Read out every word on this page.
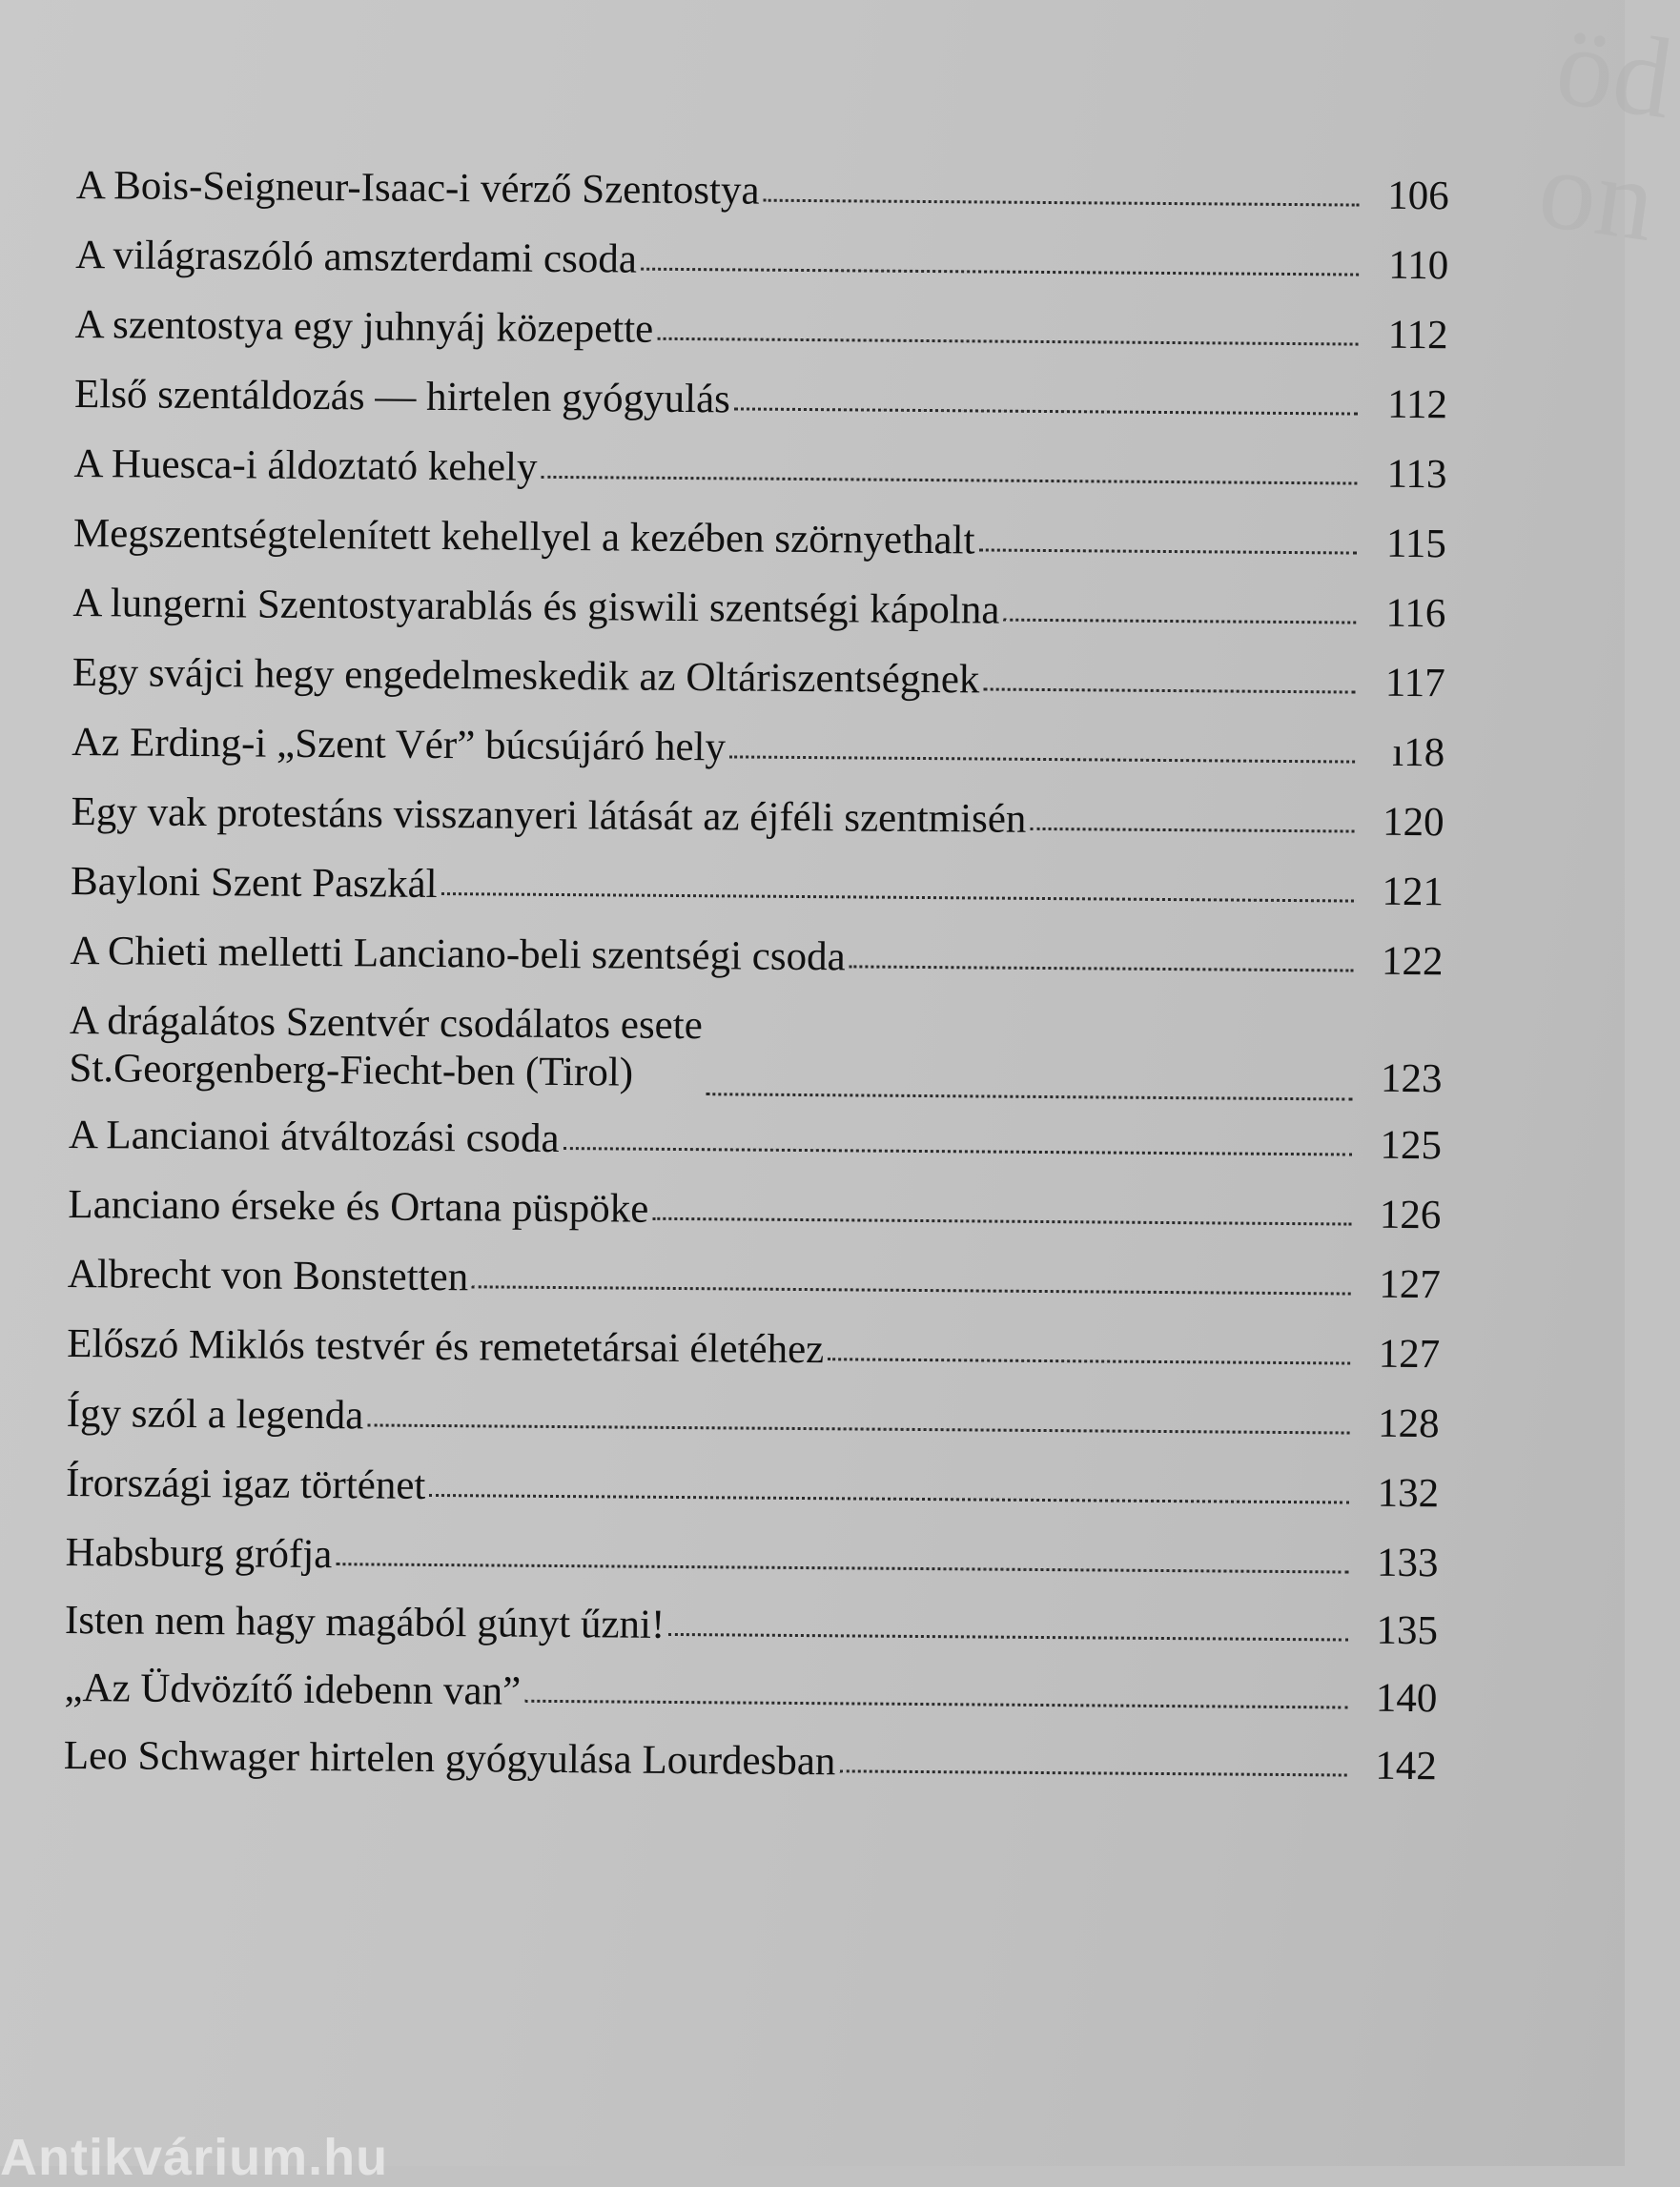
öd
on
A Bois-Seigneur-Isaac-i vérző Szentostya	106
A világraszóló amszterdami csoda	110
A szentostya egy juhnyáj közepette	112
Első szentáldozás — hirtelen gyógyulás	112
A Huesca-i áldoztató kehely	113
Megszentségtelenített kehellyel a kezében szörnyethalt	115
A lungerni Szentostyarablás és giswili szentségi kápolna	116
Egy svájci hegy engedelmeskedik az Oltáriszentségnek	117
Az Erding-i „Szent Vér” búcsújáró hely	ı18
Egy vak protestáns visszanyeri látását az éjféli szentmisén	120
Bayloni Szent Paszkál	121
A Chieti melletti Lanciano-beli szentségi csoda	122
A drágalátos Szentvér csodálatos esete
St.Georgenberg-Fiecht-ben (Tirol)	123
A Lancianoi átváltozási csoda	125
Lanciano érseke és Ortana püspöke	126
Albrecht von Bonstetten	127
Előszó Miklós testvér és remetetársai életéhez	127
Így szól a legenda	128
Írországi igaz történet	132
Habsburg grófja	133
Isten nem hagy magából gúnyt űzni!	135
„Az Üdvözítő idebenn van”	140
Leo Schwager hirtelen gyógyulása Lourdesban	142
Antikvárium.hu
